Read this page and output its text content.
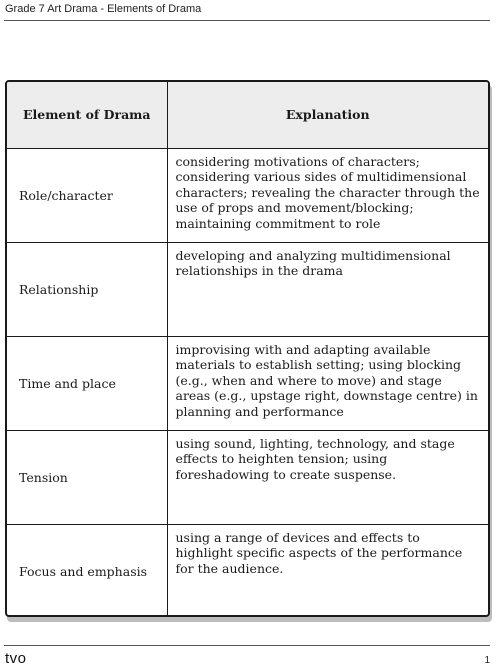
Grade 7 Art Drama - Elements of Drama
Element of Drama	Explanation
Role/character	considering motivations of characters; considering various sides of multidimensional characters; revealing the character through the use of props and movement/blocking; maintaining commitment to role
Relationship	developing and analyzing multidimensional relationships in the drama
Time and place	improvising with and adapting available materials to establish setting; using blocking (e.g., when and where to move) and stage areas (e.g., upstage right, downstage centre) in planning and performance
Tension	using sound, lighting, technology, and stage effects to heighten tension; using foreshadowing to create suspense.
Focus and emphasis	using a range of devices and effects to highlight specific aspects of the performance for the audience.
tvo	1
